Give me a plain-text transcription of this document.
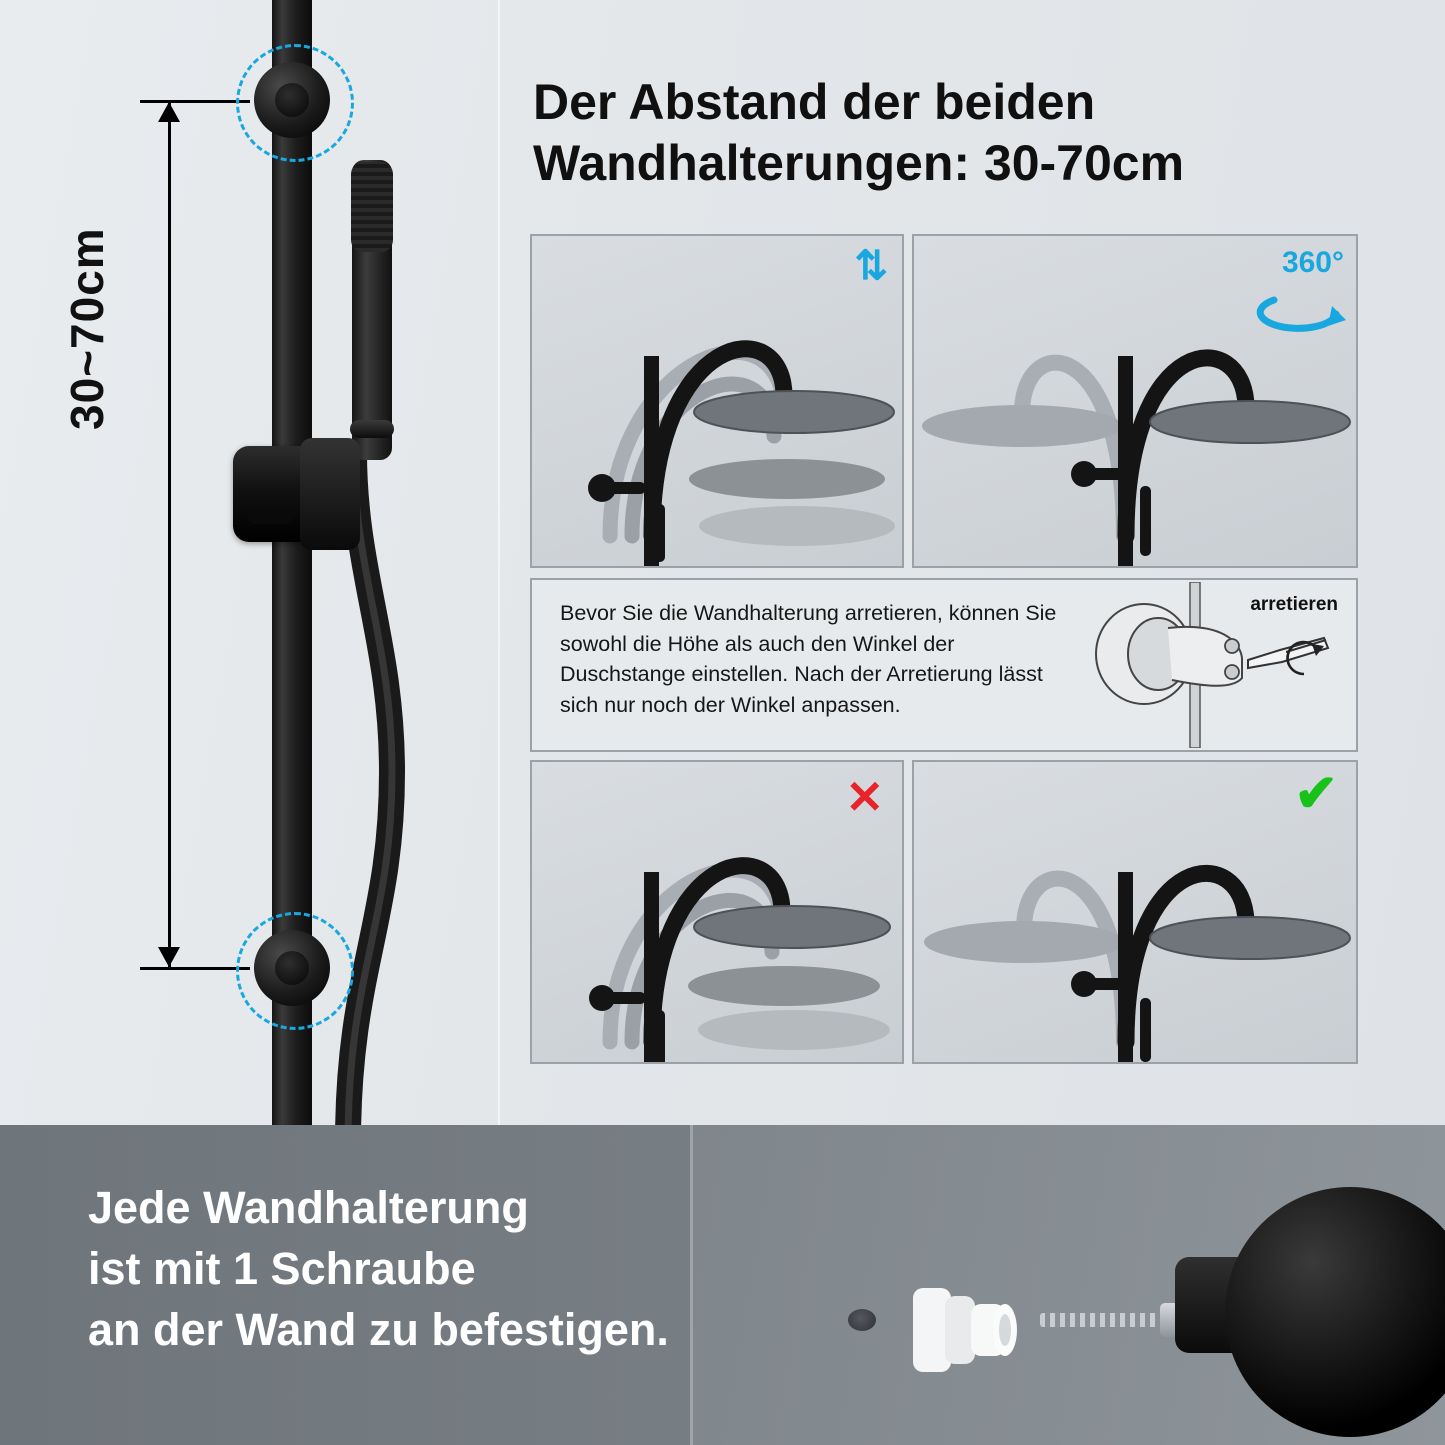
30~70cm
Der Abstand der beiden
Wandhalterungen: 30-70cm
⇅	360°
Bevor Sie die Wandhalterung arretieren, können Sie sowohl die Höhe als auch den Winkel der Duschstange einstellen. Nach der Arretierung lässt sich nur noch der Winkel anpassen.
arretieren
✕	✔
Jede Wandhalterung
ist mit 1 Schraube
an der Wand zu befestigen.
